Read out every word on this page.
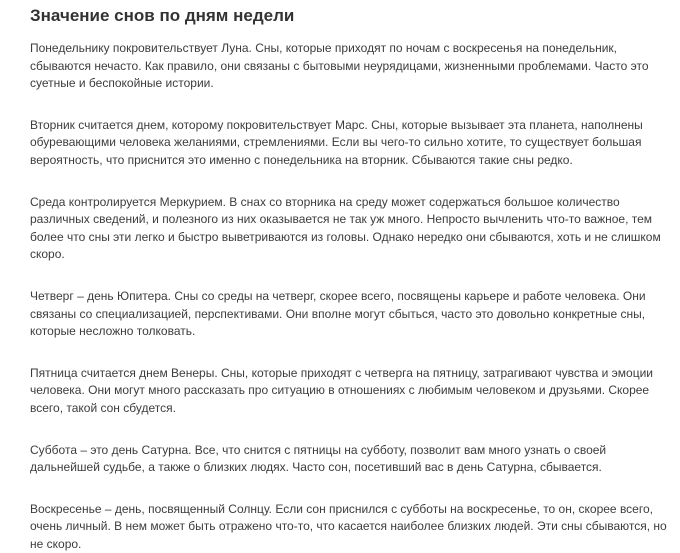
Значение снов по дням недели

Понедельнику покровительствует Луна. Сны, которые приходят по ночам с воскресенья на понедельник, сбываются нечасто. Как правило, они связаны с бытовыми неурядицами, жизненными проблемами. Часто это суетные и беспокойные истории.

Вторник считается днем, которому покровительствует Марс. Сны, которые вызывает эта планета, наполнены обуревающими человека желаниями, стремлениями. Если вы чего-то сильно хотите, то существует большая вероятность, что приснится это именно с понедельника на вторник. Сбываются такие сны редко.

Среда контролируется Меркурием. В снах со вторника на среду может содержаться большое количество различных сведений, и полезного из них оказывается не так уж много. Непросто вычленить что-то важное, тем более что сны эти легко и быстро выветриваются из головы. Однако нередко они сбываются, хоть и не слишком скоро.

Четверг – день Юпитера. Сны со среды на четверг, скорее всего, посвящены карьере и работе человека. Они связаны со специализацией, перспективами. Они вполне могут сбыться, часто это довольно конкретные сны, которые несложно толковать.

Пятница считается днем Венеры. Сны, которые приходят с четверга на пятницу, затрагивают чувства и эмоции человека. Они могут много рассказать про ситуацию в отношениях с любимым человеком и друзьями. Скорее всего, такой сон сбудется.

Суббота – это день Сатурна. Все, что снится с пятницы на субботу, позволит вам много узнать о своей дальнейшей судьбе, а также о близких людях. Часто сон, посетивший вас в день Сатурна, сбывается.

Воскресенье – день, посвященный Солнцу. Если сон приснился с субботы на воскресенье, то он, скорее всего, очень личный. В нем может быть отражено что-то, что касается наиболее близких людей. Эти сны сбываются, но не скоро.
